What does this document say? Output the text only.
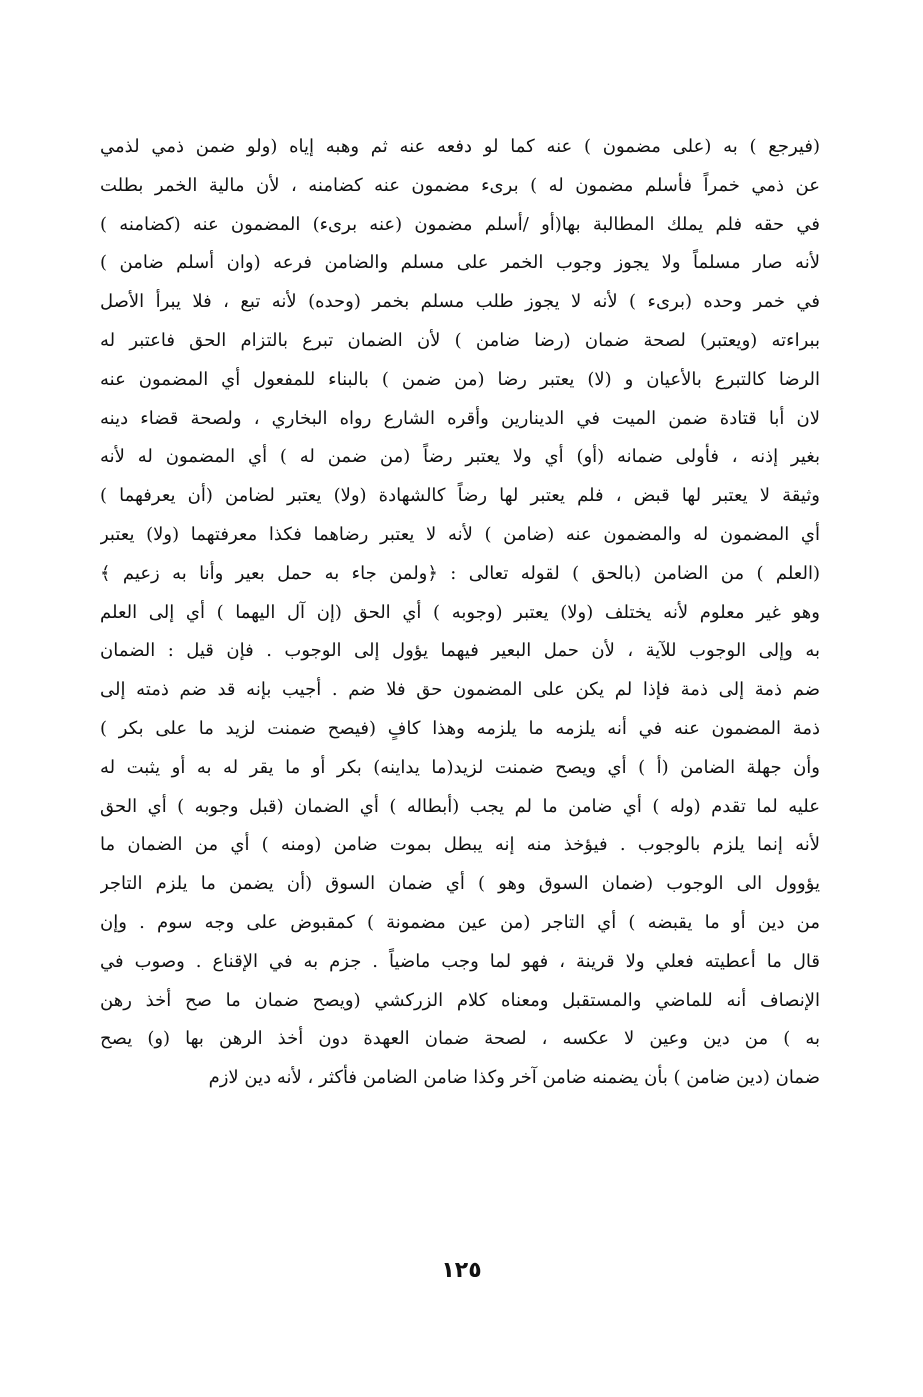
(فيرجع ) به (على مضمون ) عنه كما لو دفعه عنه ثم وهبه إياه (ولو ضمن ذمي لذمي
عن ذمي خمراً فأسلم مضمون له ) برىء مضمون عنه كضامنه ، لأن مالية الخمر بطلت
في حقه فلم يملك المطالبة بها(أو /أسلم مضمون (عنه برىء) المضمون عنه (كضامنه )
لأنه صار مسلماً ولا يجوز وجوب الخمر على مسلم والضامن فرعه (وان أسلم ضامن )
في خمر وحده (برىء ) لأنه لا يجوز طلب مسلم بخمر (وحده) لأنه تبع ، فلا يبرأ الأصل
ببراءته (ويعتبر) لصحة ضمان (رضا ضامن ) لأن الضمان تبرع بالتزام الحق فاعتبر له
الرضا كالتبرع بالأعيان و (لا) يعتبر رضا (من ضمن ) بالبناء للمفعول أي المضمون عنه
لان أبا قتادة ضمن الميت في الدينارين وأقره الشارع رواه البخاري ، ولصحة قضاء دينه
بغير إذنه ، فأولى ضمانه (أو) أي ولا يعتبر رضاً (من ضمن له ) أي المضمون له لأنه
وثيقة لا يعتبر لها قبض ، فلم يعتبر لها رضاً كالشهادة (ولا) يعتبر لضامن (أن يعرفهما )
أي المضمون له والمضمون عنه (ضامن ) لأنه لا يعتبر رضاهما فكذا معرفتهما (ولا) يعتبر
(العلم ) من الضامن (بالحق ) لقوله تعالى : ﴿ولمن جاء به حمل بعير وأنا به زعيم ﴾
وهو غير معلوم لأنه يختلف (ولا) يعتبر (وجوبه ) أي الحق (إن آل اليهما ) أي إلى العلم
به وإلى الوجوب للآية ، لأن حمل البعير فيهما يؤول إلى الوجوب . فإن قيل : الضمان
ضم ذمة إلى ذمة فإذا لم يكن على المضمون حق فلا ضم . أجيب بإنه قد ضم ذمته إلى
ذمة المضمون عنه في أنه يلزمه ما يلزمه وهذا كافٍ (فيصح ضمنت لزيد ما على بكر )
وأن جهلة الضامن (أ ) أي ويصح ضمنت لزيد(ما يداينه) بكر أو ما يقر له به أو يثبت له
عليه لما تقدم (وله ) أي ضامن ما لم يجب (أبطاله ) أي الضمان (قبل وجوبه ) أي الحق
لأنه إنما يلزم بالوجوب . فيؤخذ منه إنه يبطل بموت ضامن (ومنه ) أي من الضمان ما
يؤوول الى الوجوب (ضمان السوق وهو ) أي ضمان السوق (أن يضمن ما يلزم التاجر
من دين أو ما يقبضه ) أي التاجر (من عين مضمونة ) كمقبوض على وجه سوم . وإن
قال ما أعطيته فعلي ولا قرينة ، فهو لما وجب ماضياً . جزم به في الإقناع . وصوب في
الإنصاف أنه للماضي والمستقبل ومعناه كلام الزركشي (ويصح ضمان ما صح أخذ رهن
به ) من دين وعين لا عكسه ، لصحة ضمان العهدة دون أخذ الرهن بها (و) يصح
ضمان (دين ضامن ) بأن يضمنه ضامن آخر وكذا ضامن الضامن فأكثر ، لأنه دين لازم
١٢٥
